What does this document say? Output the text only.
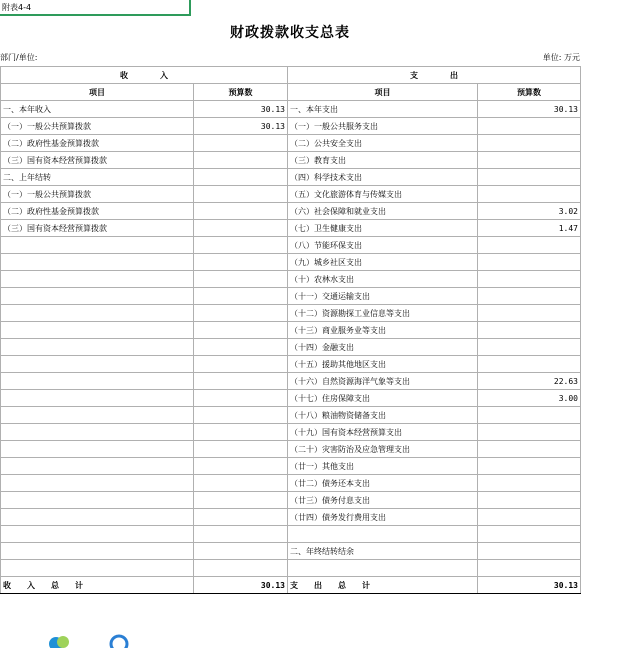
附表4-4
财政拨款收支总表
部门/单位:	单位: 万元
收　　　　入		支　　　　出	
项目	预算数	项目	预算数
一、本年收入	30.13	一、本年支出	30.13
（一）一般公共预算拨款	30.13	（一）一般公共服务支出	
（二）政府性基金预算拨款		（二）公共安全支出	
（三）国有资本经营预算拨款		（三）教育支出	
二、上年结转		（四）科学技术支出	
（一）一般公共预算拨款		（五）文化旅游体育与传媒支出	
（二）政府性基金预算拨款		（六）社会保障和就业支出	3.02
（三）国有资本经营预算拨款		（七）卫生健康支出	1.47
		（八）节能环保支出	
		（九）城乡社区支出	
		（十）农林水支出	
		（十一）交通运输支出	
		（十二）资源勘探工业信息等支出	
		（十三）商业服务业等支出	
		（十四）金融支出	
		（十五）援助其他地区支出	
		（十六）自然资源海洋气象等支出	22.63
		（十七）住房保障支出	3.00
		（十八）粮油物资储备支出	
		（十九）国有资本经营预算支出	
		（二十）灾害防治及应急管理支出	
		（廿一）其他支出	
		（廿二）债务还本支出	
		（廿三）债务付息支出	
		（廿四）债务发行费用支出	

		二、年终结转结余	

收　　入　　总　　计	30.13	支　　出　　总　　计	30.13
